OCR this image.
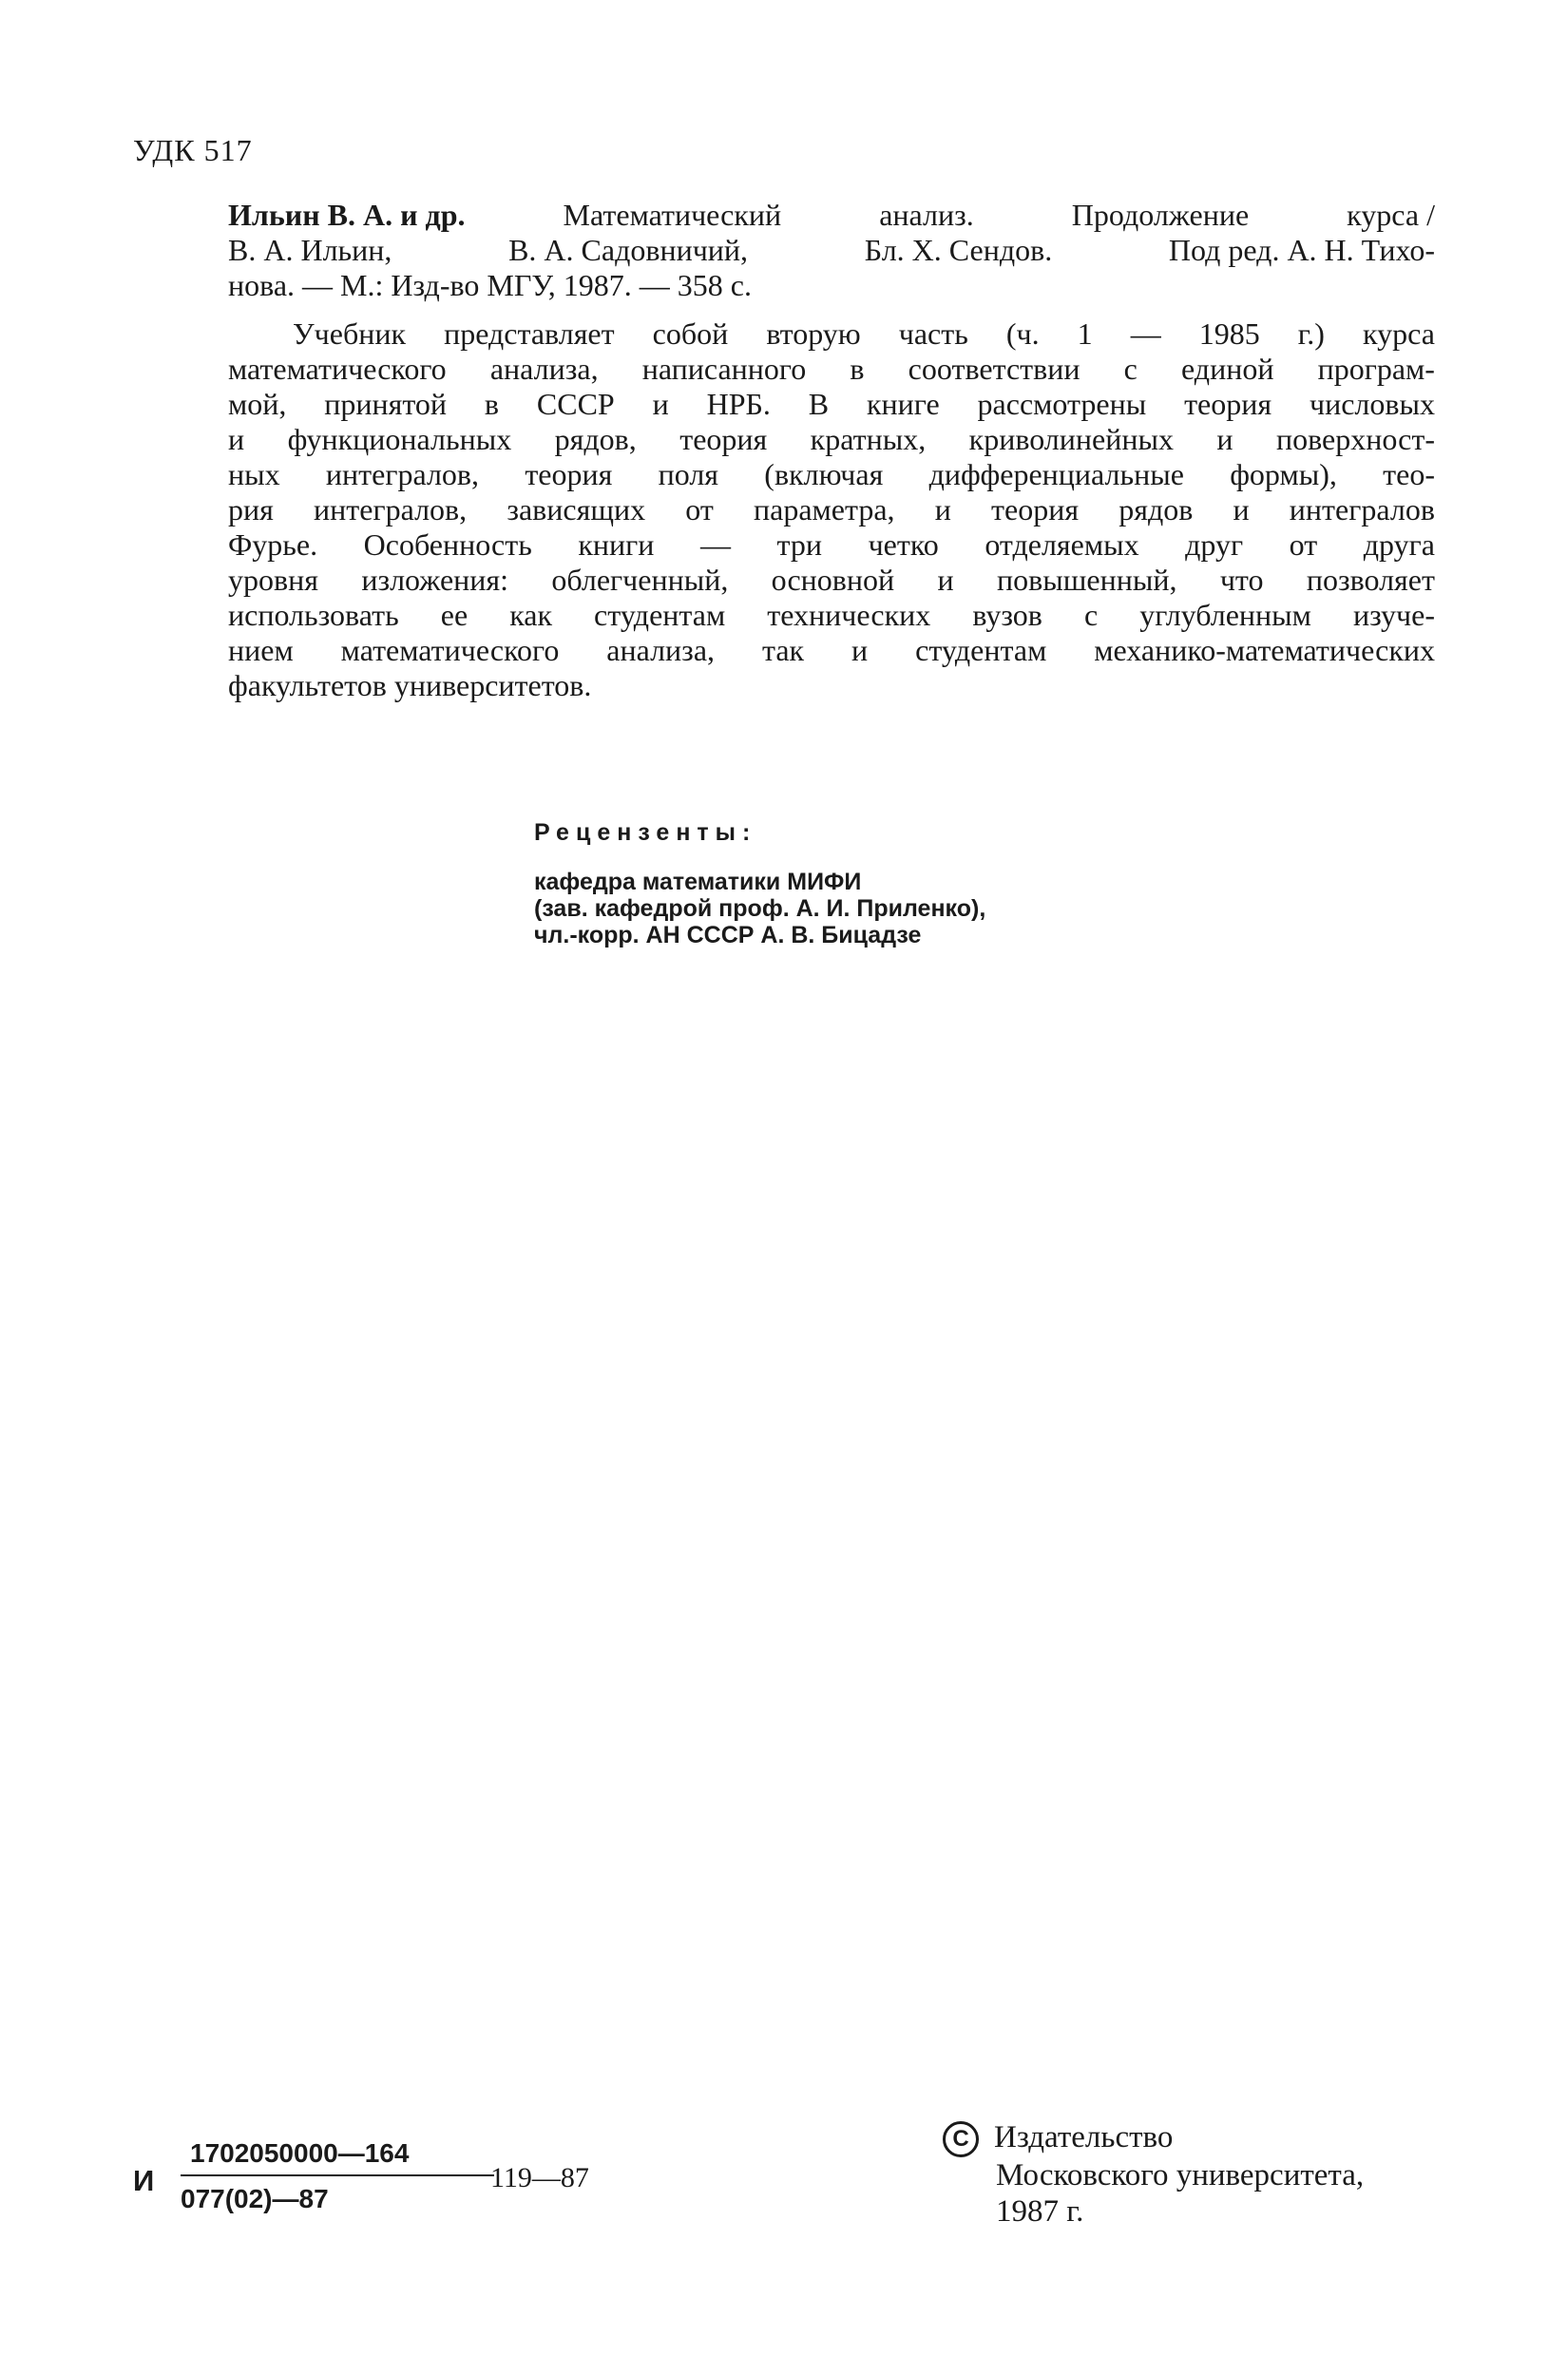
УДК 517
Ильин В. А. и др.	Математический	анализ.	Продолжение	курса /
В. А. Ильин,	В. А. Садовничий,	Бл. Х. Сендов.	Под ред. А. Н. Тихо-
нова. — М.: Изд-во МГУ, 1987. — 358 с.
Учебник представляет собой вторую часть (ч. 1 — 1985 г.) курса
математического анализа, написанного в соответствии с единой програм-
мой, принятой в СССР и НРБ. В книге рассмотрены теория числовых
и функциональных рядов, теория кратных, криволинейных и поверхност-
ных интегралов, теория поля (включая дифференциальные формы), тео-
рия интегралов, зависящих от параметра, и теория рядов и интегралов
Фурье. Особенность книги — три четко отделяемых друг от друга
уровня изложения: облегченный, основной и повышенный, что позволяет
использовать ее как студентам технических вузов с углубленным изуче-
нием математического анализа, так и студентам механико-математических
факультетов университетов.
Рецензенты:
кафедра математики МИФИ
(зав. кафедрой проф. А. И. Приленко),
чл.-корр. АН СССР А. В. Бицадзе
И
1702050000—164
077(02)—87
119—87
C Издательство
Московского университета,
1987 г.
